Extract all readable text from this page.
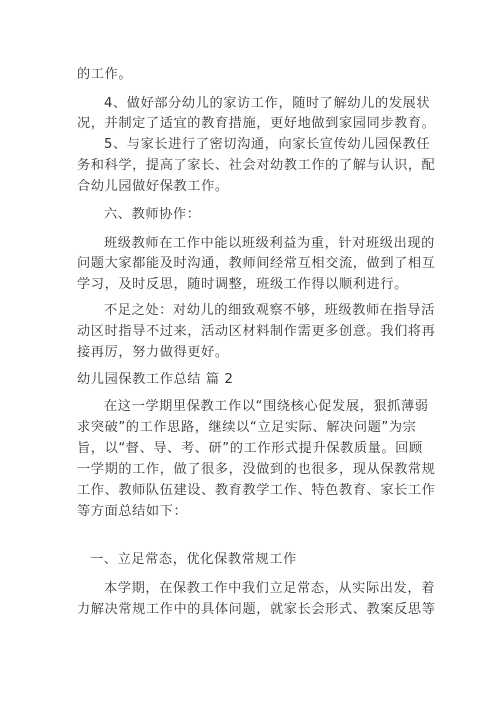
的工作。
4、做好部分幼儿的家访工作，随时了解幼儿的发展状
况，并制定了适宜的教育措施，更好地做到家园同步教育。
5、与家长进行了密切沟通，向家长宣传幼儿园保教任
务和科学，提高了家长、社会对幼教工作的了解与认识，配
合幼儿园做好保教工作。
六、教师协作：
班级教师在工作中能以班级利益为重，针对班级出现的
问题大家都能及时沟通，教师间经常互相交流，做到了相互
学习，及时反思，随时调整，班级工作得以顺利进行。
不足之处：对幼儿的细致观察不够，班级教师在指导活
动区时指导不过来，活动区材料制作需更多创意。我们将再
接再厉，努力做得更好。
幼儿园保教工作总结 篇 2
在这一学期里保教工作以“围绕核心促发展，狠抓薄弱
求突破”的工作思路，继续以“立足实际、解决问题”为宗
旨，以“督、导、考、研”的工作形式提升保教质量。回顾
一学期的工作，做了很多，没做到的也很多，现从保教常规
工作、教师队伍建设、教育教学工作、特色教育、家长工作
等方面总结如下：
一、立足常态，优化保教常规工作
本学期，在保教工作中我们立足常态，从实际出发，着
力解决常规工作中的具体问题，就家长会形式、教案反思等
